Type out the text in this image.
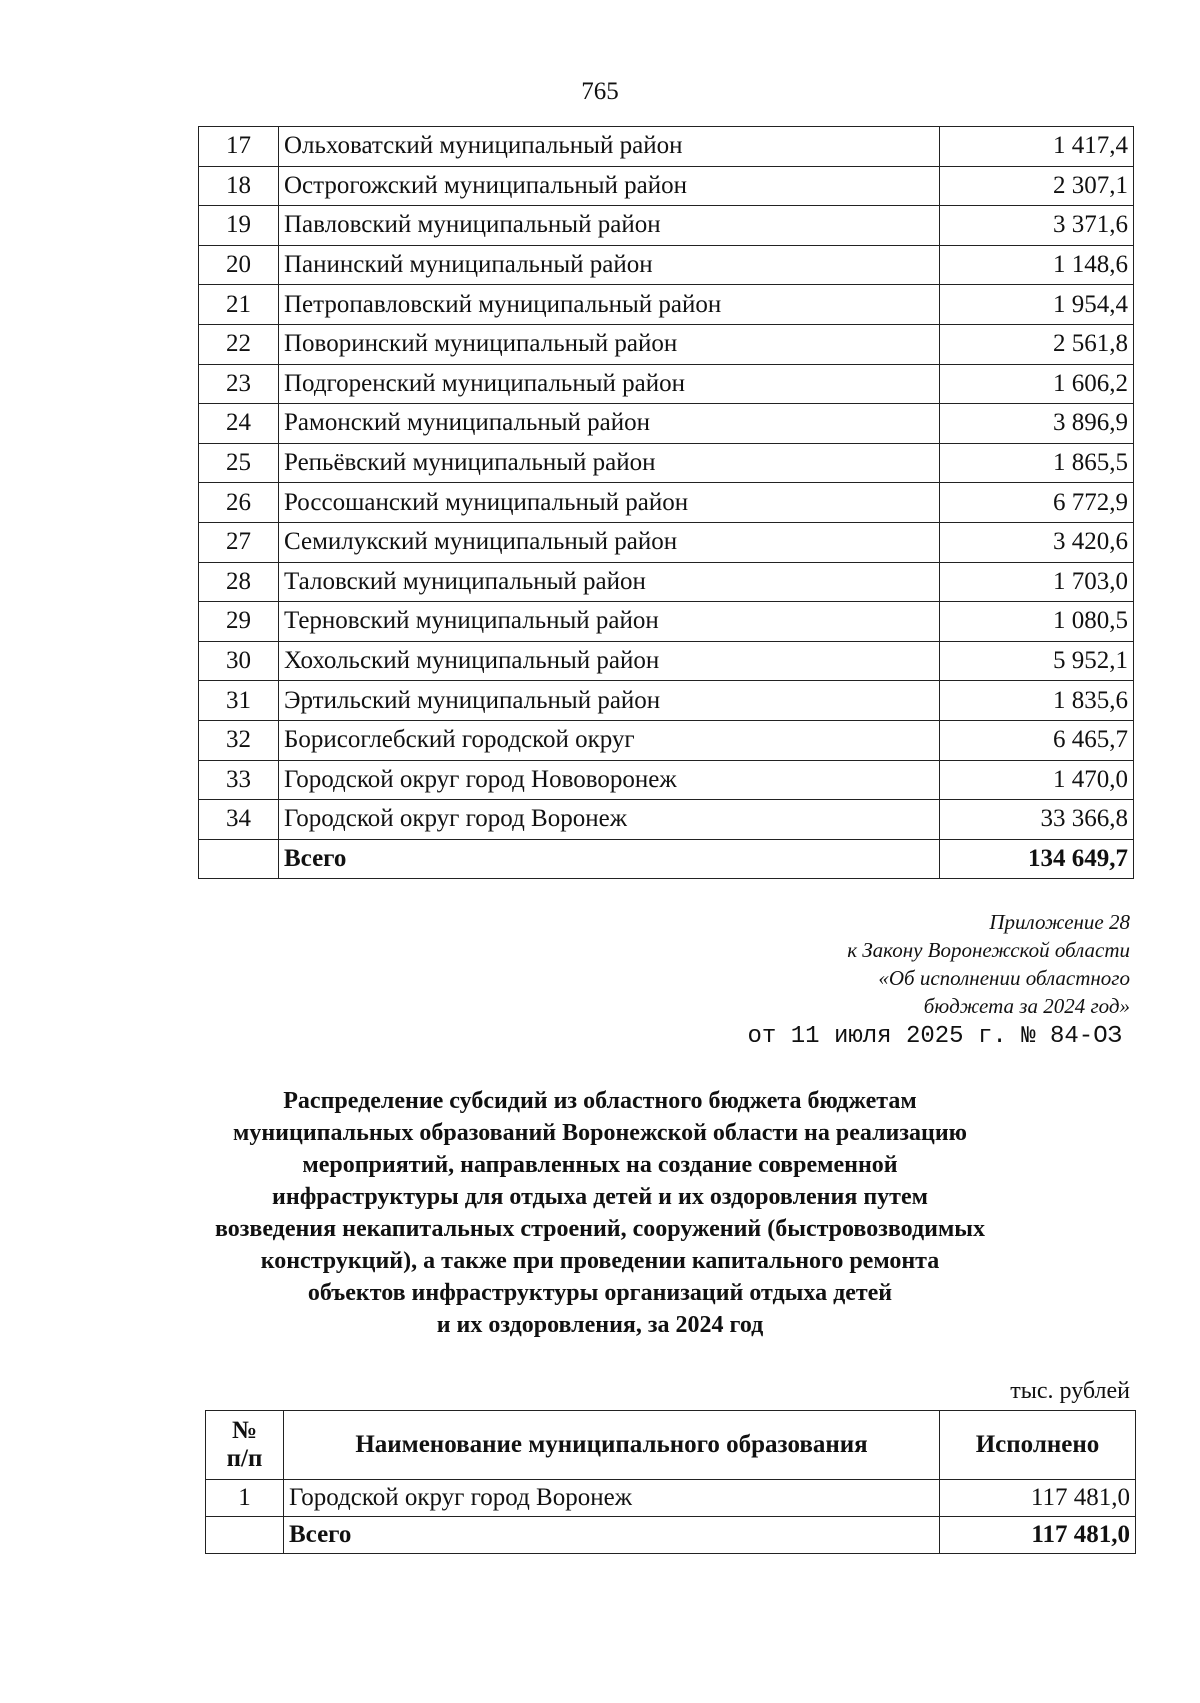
765
17	Ольховатский муниципальный район	1 417,4
18	Острогожский муниципальный район	2 307,1
19	Павловский муниципальный район	3 371,6
20	Панинский муниципальный район	1 148,6
21	Петропавловский муниципальный район	1 954,4
22	Поворинский муниципальный район	2 561,8
23	Подгоренский муниципальный район	1 606,2
24	Рамонский муниципальный район	3 896,9
25	Репьёвский муниципальный район	1 865,5
26	Россошанский муниципальный район	6 772,9
27	Семилукский муниципальный район	3 420,6
28	Таловский муниципальный район	1 703,0
29	Терновский муниципальный район	1 080,5
30	Хохольский муниципальный район	5 952,1
31	Эртильский муниципальный район	1 835,6
32	Борисоглебский городской округ	6 465,7
33	Городской округ город Нововоронеж	1 470,0
34	Городской округ город Воронеж	33 366,8
	Всего	134 649,7
Приложение 28
к Закону Воронежской области
«Об исполнении областного
бюджета за 2024 год»
от 11 июля 2025 г. № 84-ОЗ
Распределение субсидий из областного бюджета бюджетам
муниципальных образований Воронежской области на реализацию
мероприятий, направленных на создание современной
инфраструктуры для отдыха детей и их оздоровления путем
возведения некапитальных строений, сооружений (быстровозводимых
конструкций), а также при проведении капитального ремонта
объектов инфраструктуры организаций отдыха детей
и их оздоровления, за 2024 год
тыс. рублей
№
п/п	Наименование муниципального образования	Исполнено
1	Городской округ город Воронеж	117 481,0
	Всего	117 481,0
